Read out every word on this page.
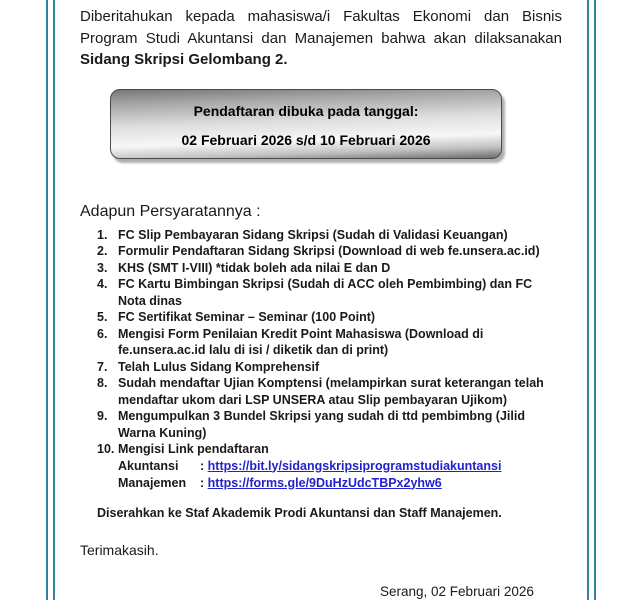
Diberitahukan kepada mahasiswa/i Fakultas Ekonomi dan Bisnis Program Studi Akuntansi dan Manajemen bahwa akan dilaksanakan Sidang Skripsi Gelombang 2.

Pendaftaran dibuka pada tanggal:
02 Februari 2026 s/d 10 Februari 2026
Adapun Persyaratannya :
1. FC Slip Pembayaran Sidang Skripsi (Sudah di Validasi Keuangan)
2. Formulir Pendaftaran Sidang Skripsi (Download di web fe.unsera.ac.id)
3. KHS (SMT I-VIII) *tidak boleh ada nilai E dan D
4. FC Kartu Bimbingan Skripsi (Sudah di ACC oleh Pembimbing) dan FC Nota dinas
5. FC Sertifikat Seminar – Seminar (100 Point)
6. Mengisi Form Penilaian Kredit Point Mahasiswa (Download di fe.unsera.ac.id lalu di isi / diketik dan di print)
7. Telah Lulus Sidang Komprehensif
8. Sudah mendaftar Ujian Komptensi (melampirkan surat keterangan telah mendaftar ukom dari LSP UNSERA atau Slip pembayaran Ujikom)
9. Mengumpulkan 3 Bundel Skripsi yang sudah di ttd pembimbng (Jilid Warna Kuning)
10. Mengisi Link pendaftaran
Akuntansi : https://bit.ly/sidangskripsiprogramstudiakuntansi
Manajemen : https://forms.gle/9DuHzUdcTBPx2yhw6
Diserahkan ke Staf Akademik Prodi Akuntansi dan Staff Manajemen.
Terimakasih.
Serang, 02 Februari 2026
